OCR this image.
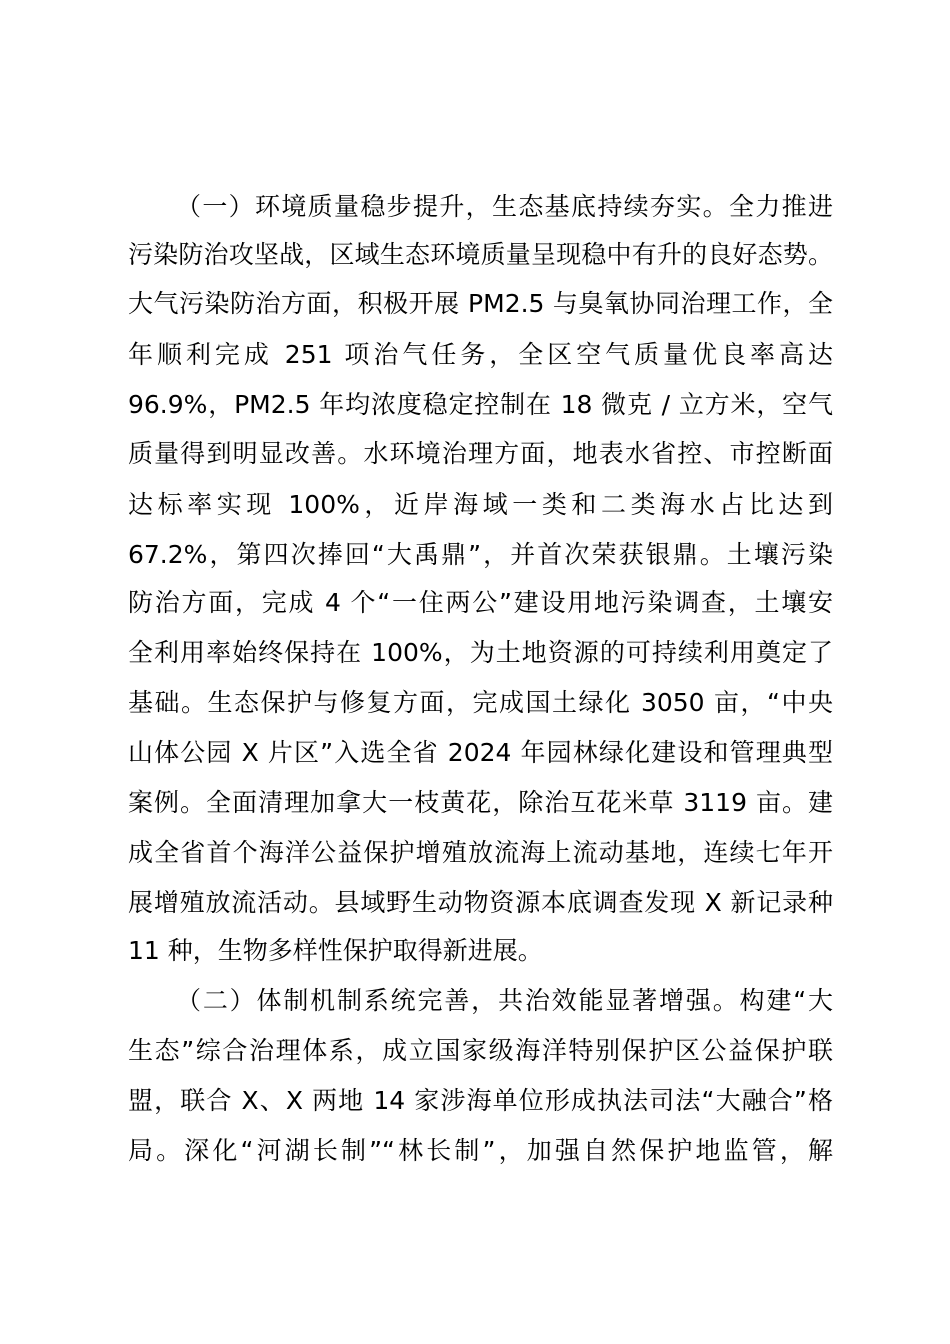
（一）环境质量稳步提升，生态基底持续夯实。全力推进
污染防治攻坚战，区域生态环境质量呈现稳中有升的良好态势。
大气污染防治方面，积极开展 PM2.5 与臭氧协同治理工作，全
年顺利完成 251 项治气任务，全区空气质量优良率高达
96.9%，PM2.5 年均浓度稳定控制在 18 微克 / 立方米，空气
质量得到明显改善。水环境治理方面，地表水省控、市控断面
达标率实现 100%，近岸海域一类和二类海水占比达到
67.2%，第四次捧回“大禹鼎”，并首次荣获银鼎。土壤污染
防治方面，完成 4 个“一住两公”建设用地污染调查，土壤安
全利用率始终保持在 100%，为土地资源的可持续利用奠定了
基础。生态保护与修复方面，完成国土绿化 3050 亩，“中央
山体公园 X 片区”入选全省 2024 年园林绿化建设和管理典型
案例。全面清理加拿大一枝黄花，除治互花米草 3119 亩。建
成全省首个海洋公益保护增殖放流海上流动基地，连续七年开
展增殖放流活动。县域野生动物资源本底调查发现 X 新记录种
11 种，生物多样性保护取得新进展。
（二）体制机制系统完善，共治效能显著增强。构建“大
生态”综合治理体系，成立国家级海洋特别保护区公益保护联
盟，联合 X、X 两地 14 家涉海单位形成执法司法“大融合”格
局。深化“河湖长制”“林长制”，加强自然保护地监管，解
